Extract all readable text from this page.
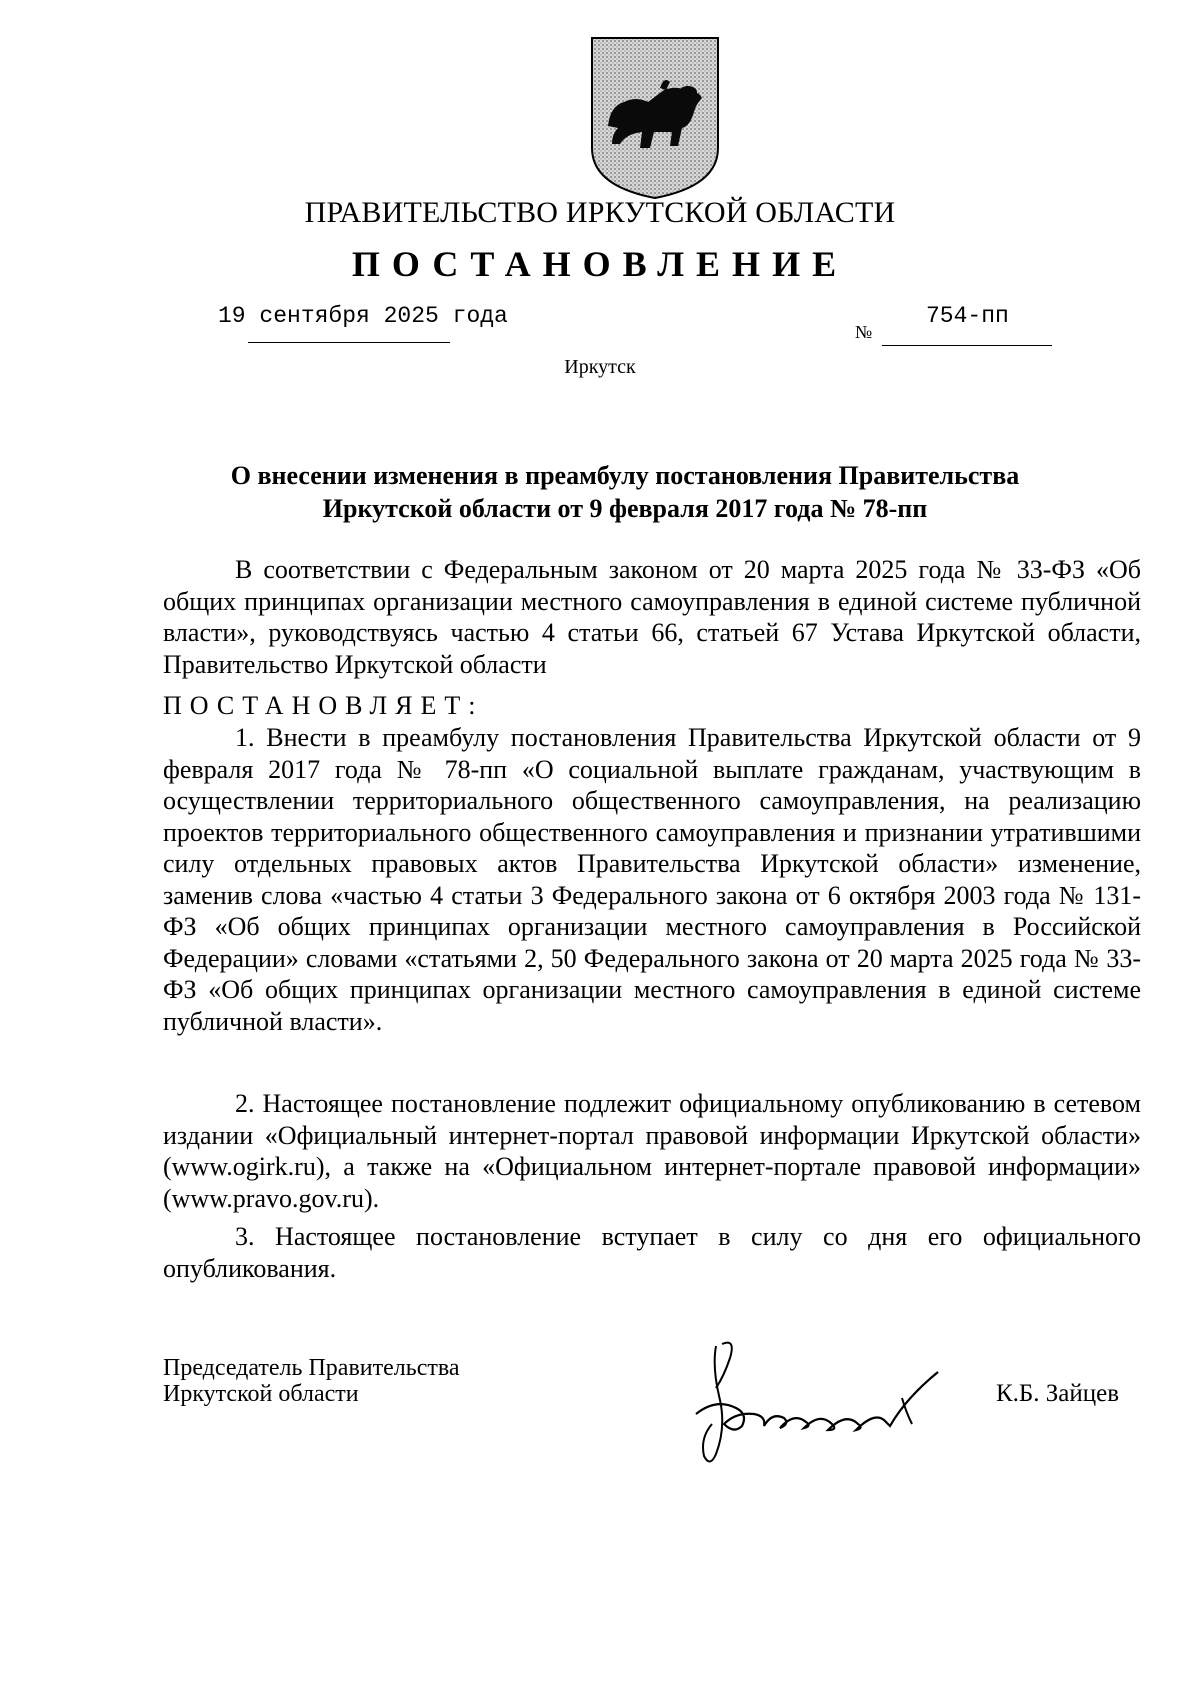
ПРАВИТЕЛЬСТВО ИРКУТСКОЙ ОБЛАСТИ
ПОСТАНОВЛЕНИЕ
19 сентября 2025 года
№
754-пп
Иркутск
О внесении изменения в преамбулу постановления Правительства
Иркутской области от 9 февраля 2017 года № 78-пп
В соответствии с Федеральным законом от 20 марта 2025 года № 33-ФЗ «Об общих принципах организации местного самоуправления в единой системе публичной власти», руководствуясь частью 4 статьи 66, статьей 67 Устава Иркутской области, Правительство Иркутской области
ПОСТАНОВЛЯЕТ:
1. Внести в преамбулу постановления Правительства Иркутской области от 9 февраля 2017 года № 78-пп «О социальной выплате гражданам, участвующим в осуществлении территориального общественного самоуправления, на реализацию проектов территориального общественного самоуправления и признании утратившими силу отдельных правовых актов Правительства Иркутской области» изменение, заменив слова «частью 4 статьи 3 Федерального закона от 6 октября 2003 года № 131-ФЗ «Об общих принципах организации местного самоуправления в Российской Федерации» словами «статьями 2, 50 Федерального закона от 20 марта 2025 года № 33-ФЗ «Об общих принципах организации местного самоуправления в единой системе публичной власти».
2. Настоящее постановление подлежит официальному опубликованию в сетевом издании «Официальный интернет-портал правовой информации Иркутской области» (www.ogirk.ru), а также на «Официальном интернет-портале правовой информации» (www.pravo.gov.ru).
3. Настоящее постановление вступает в силу со дня его официального опубликования.
Председатель Правительства
Иркутской области	К.Б. Зайцев
